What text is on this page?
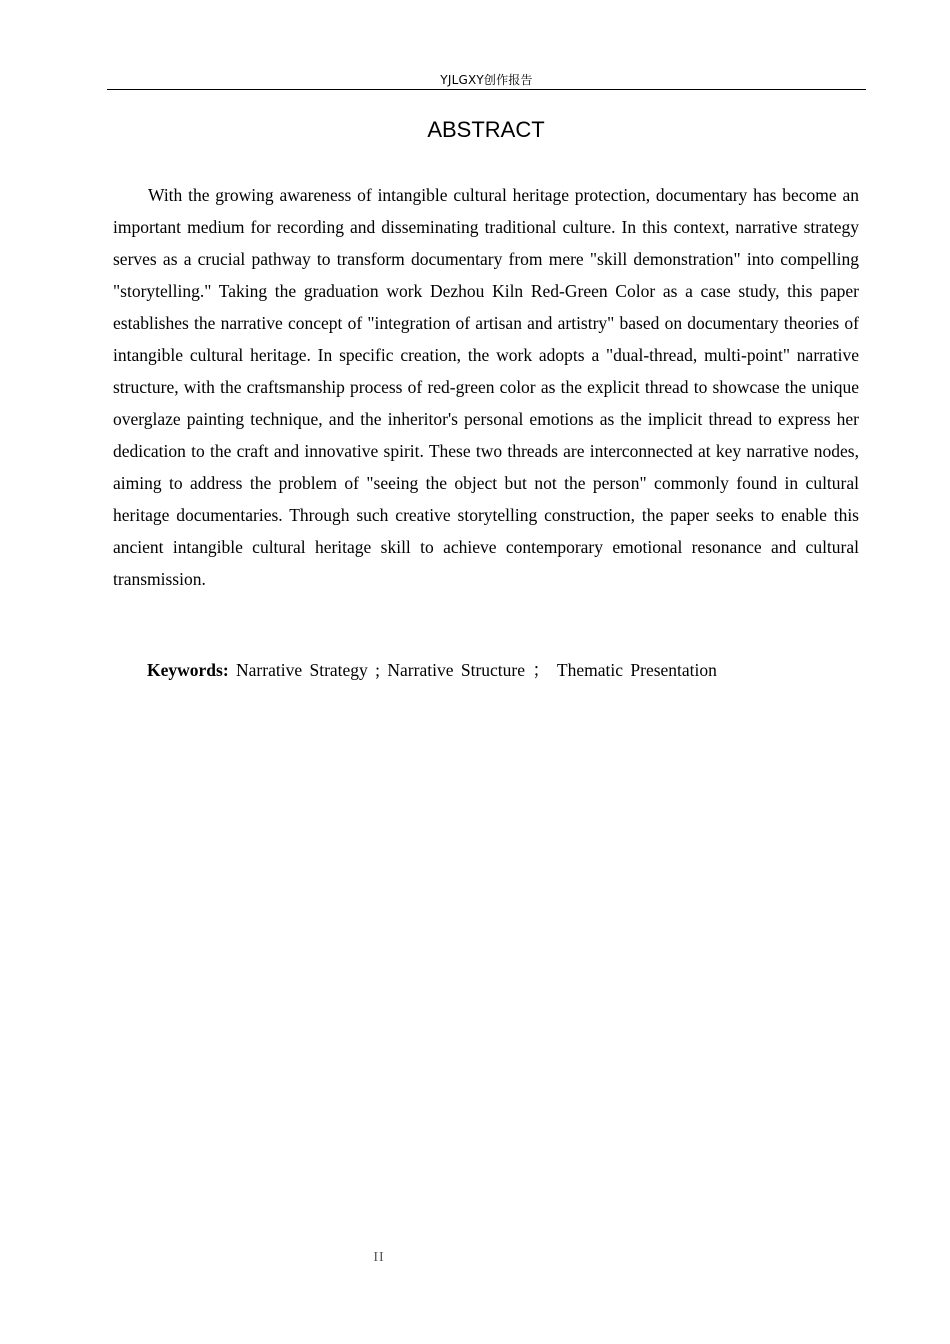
YJLGXY创作报告
ABSTRACT

With the growing awareness of intangible cultural heritage protection, documentary has become an important medium for recording and disseminating traditional culture. In this context, narrative strategy serves as a crucial pathway to transform documentary from mere "skill demonstration" into compelling "storytelling." Taking the graduation work Dezhou Kiln Red-Green Color as a case study, this paper establishes the narrative concept of "integration of artisan and artistry" based on documentary theories of intangible cultural heritage. In specific creation, the work adopts a "dual-thread, multi-point" narrative structure, with the craftsmanship process of red-green color as the explicit thread to showcase the unique overglaze painting technique, and the inheritor's personal emotions as the implicit thread to express her dedication to the craft and innovative spirit. These two threads are interconnected at key narrative nodes, aiming to address the problem of "seeing the object but not the person" commonly found in cultural heritage documentaries. Through such creative storytelling construction, the paper seeks to enable this ancient intangible cultural heritage skill to achieve contemporary emotional resonance and cultural transmission.

Keywords: Narrative Strategy ; Narrative Structure ； Thematic Presentation
II
